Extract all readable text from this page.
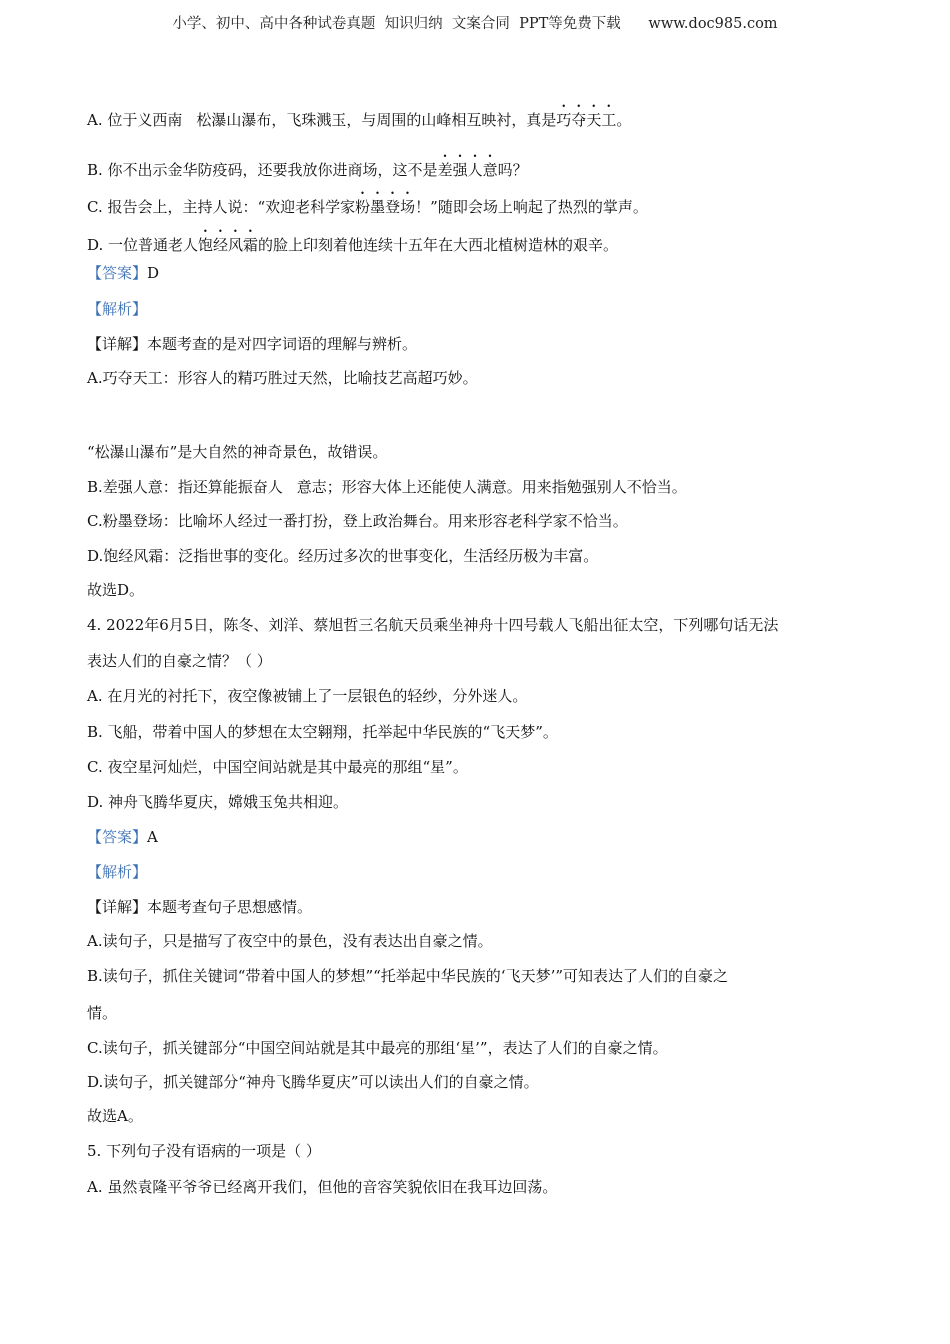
小学、初中、高中各种试卷真题  知识归纳  文案合同  PPT等免费下载      www.doc985.com
A. 位于义西南 松瀑山瀑布，飞珠溅玉，与周围的山峰相互映衬，真是巧夺天工。
B. 你不出示金华防疫码，还要我放你进商场，这不是差强人意吗？
C. 报告会上，主持人说：“欢迎老科学家粉墨登场！”随即会场上响起了热烈的掌声。
D. 一位普通老人饱经风霜的脸上印刻着他连续十五年在大西北植树造林的艰辛。
【答案】D
【解析】
【详解】本题考查的是对四字词语的理解与辨析。
A.巧夺天工：形容人的精巧胜过天然，比喻技艺高超巧妙。
“松瀑山瀑布”是大自然的神奇景色，故错误。
B.差强人意：指还算能振奋人 意志；形容大体上还能使人满意。用来指勉强别人不恰当。
C.粉墨登场：比喻坏人经过一番打扮，登上政治舞台。用来形容老科学家不恰当。
D.饱经风霜：泛指世事的变化。经历过多次的世事变化，生活经历极为丰富。
故选D。
4. 2022年6月5日，陈冬、刘洋、蔡旭哲三名航天员乘坐神舟十四号载人飞船出征太空，下列哪句话无法
表达人们的自豪之情？（ ）
A. 在月光的衬托下，夜空像被铺上了一层银色的轻纱，分外迷人。
B. 飞船，带着中国人的梦想在太空翱翔，托举起中华民族的“飞天梦”。
C. 夜空星河灿烂，中国空间站就是其中最亮的那组“星”。
D. 神舟飞腾华夏庆，嫦娥玉兔共相迎。
【答案】A
【解析】
【详解】本题考查句子思想感情。
A.读句子，只是描写了夜空中的景色，没有表达出自豪之情。
B.读句子，抓住关键词“带着中国人的梦想”“托举起中华民族的‘飞天梦’”可知表达了人们的自豪之
情。
C.读句子，抓关键部分“中国空间站就是其中最亮的那组‘星’”，表达了人们的自豪之情。
D.读句子，抓关键部分“神舟飞腾华夏庆”可以读出人们的自豪之情。
故选A。
5. 下列句子没有语病的一项是（ ）
A. 虽然袁隆平爷爷已经离开我们，但他的音容笑貌依旧在我耳边回荡。
